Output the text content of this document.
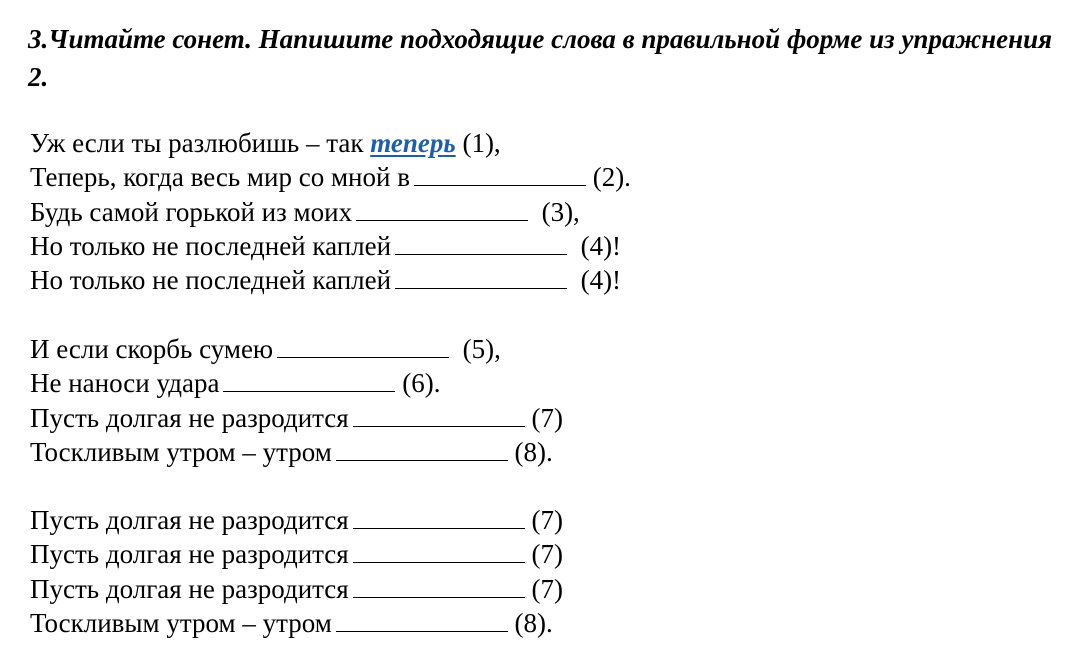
3.Читайте сонет. Напишите подходящие слова в правильной форме из упражнения 2.
Уж если ты разлюбишь – так теперь (1),
Теперь, когда весь мир со мной в	(2).
Будь самой горькой из моих	(3),
Но только не последней каплей	(4)!
Но только не последней каплей	(4)!
И если скорбь сумею	(5),
Не наноси удара	(6).
Пусть долгая не разродится	(7)
Тоскливым утром – утром	(8).
Пусть долгая не разродится	(7)
Пусть долгая не разродится	(7)
Пусть долгая не разродится	(7)
Тоскливым утром – утром	(8).
